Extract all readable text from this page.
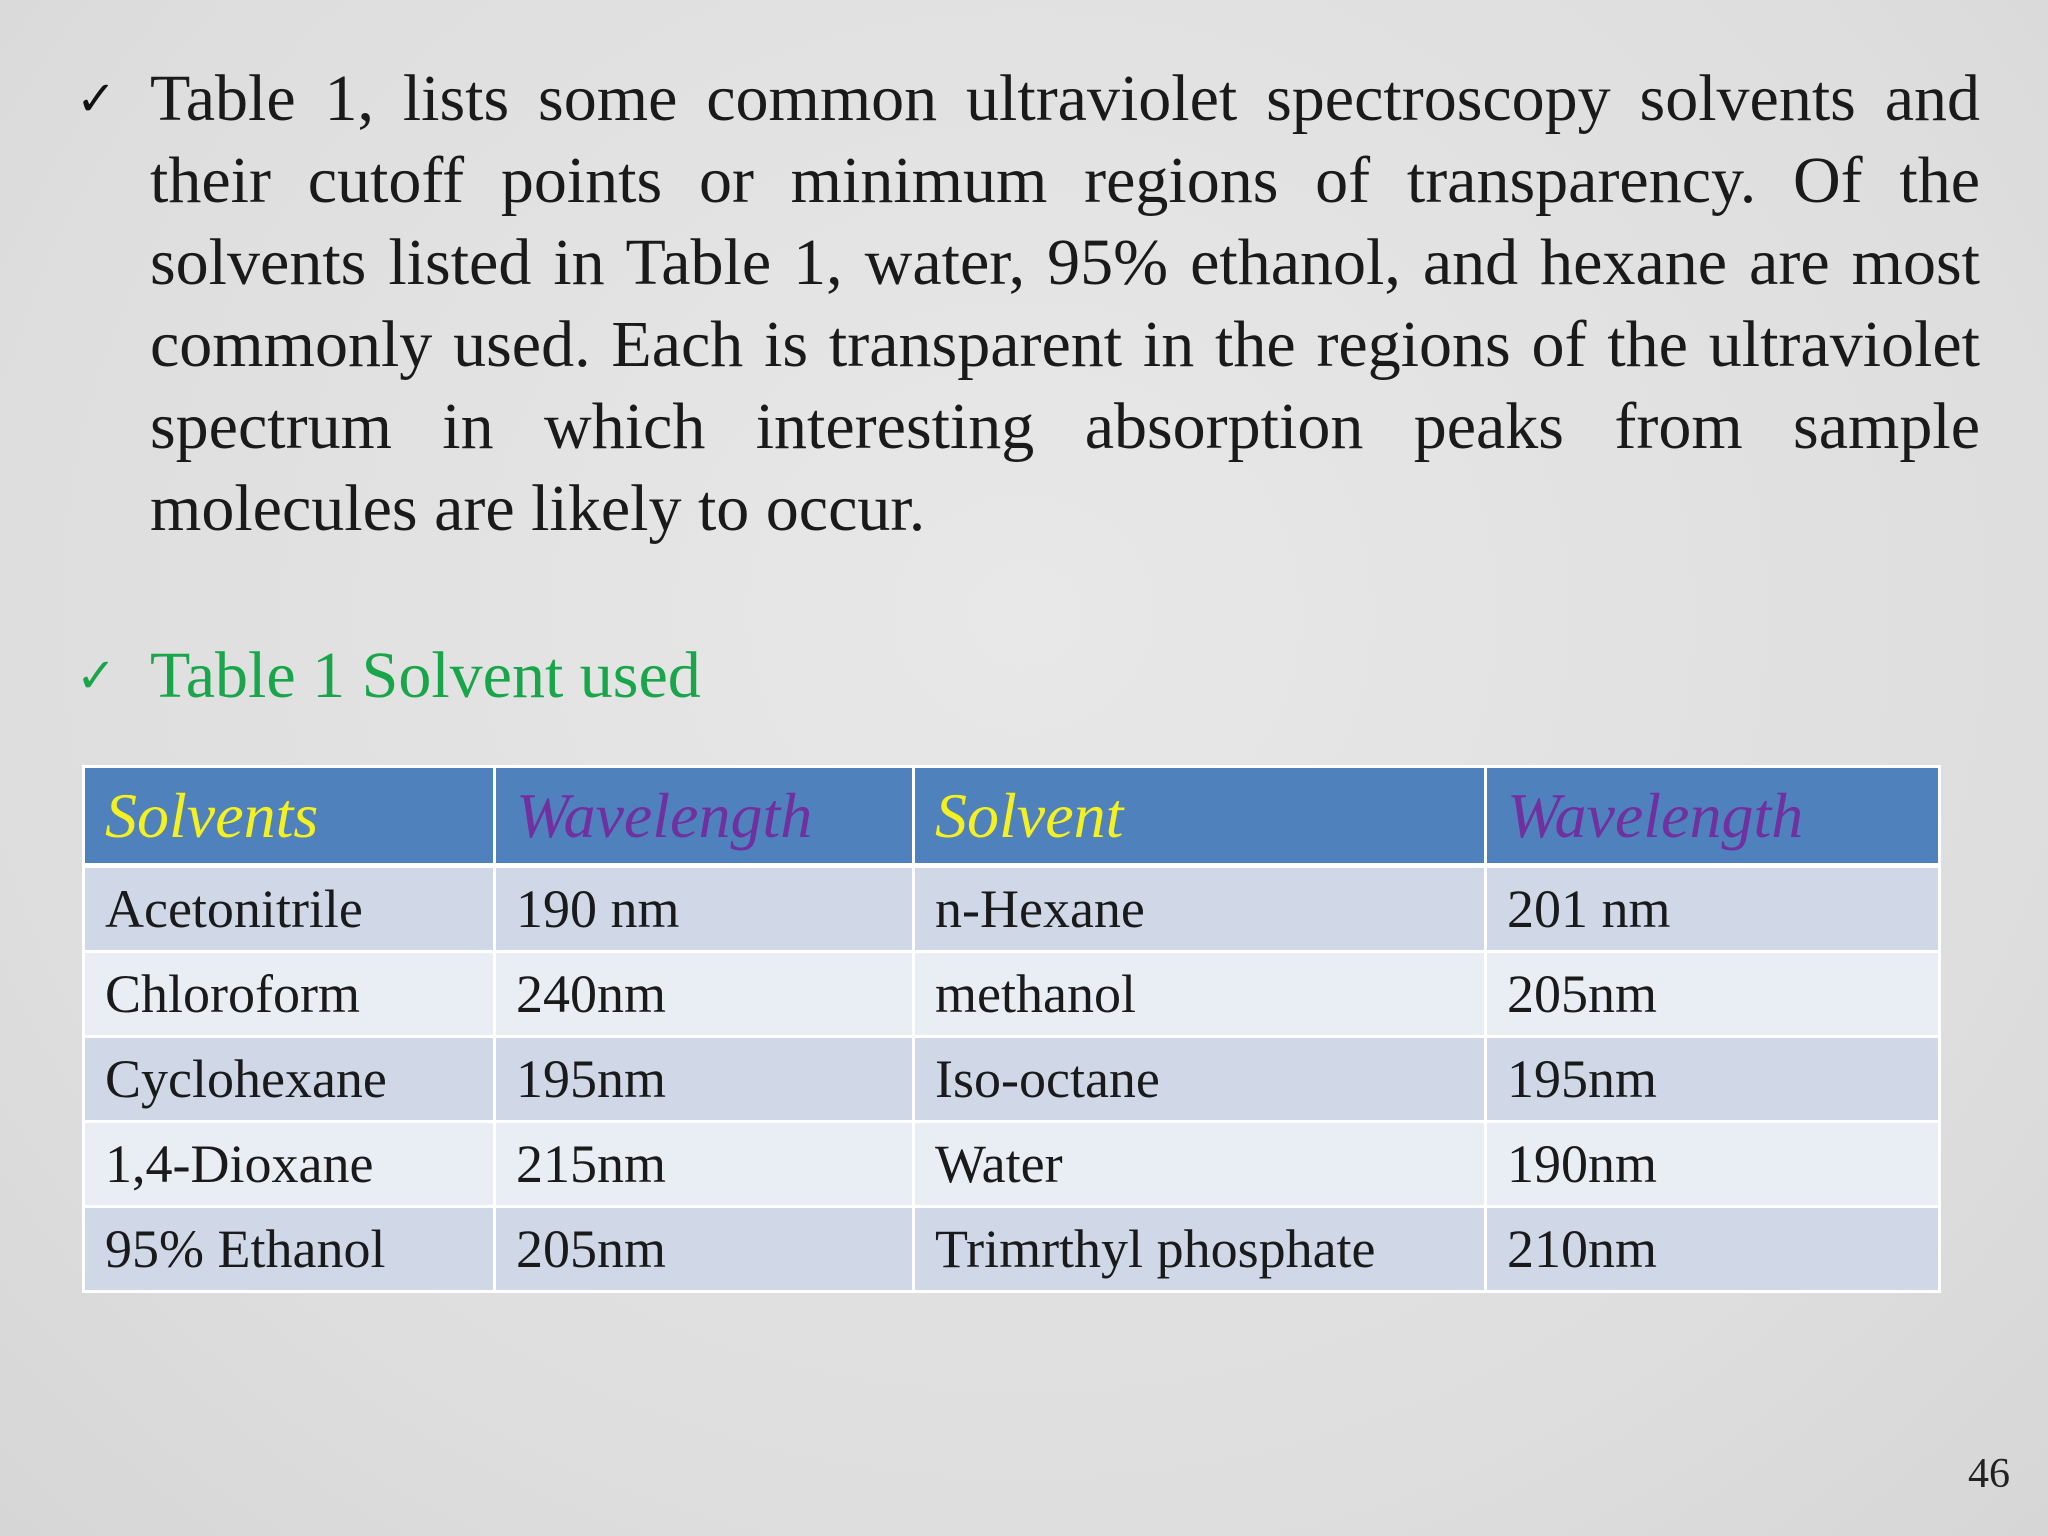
✓ Table 1, lists some common ultraviolet spectroscopy solvents and their cutoff points or minimum regions of transparency. Of the solvents listed in Table 1, water, 95% ethanol, and hexane are most commonly used. Each is transparent in the regions of the ultraviolet spectrum in which interesting absorption peaks from sample molecules are likely to occur.
✓ Table 1 Solvent used
Solvents	Wavelength	Solvent	Wavelength
Acetonitrile	190 nm	n-Hexane	201 nm
Chloroform	240nm	methanol	205nm
Cyclohexane	195nm	Iso-octane	195nm
1,4-Dioxane	215nm	Water	190nm
95% Ethanol	205nm	Trimrthyl phosphate	210nm
46
